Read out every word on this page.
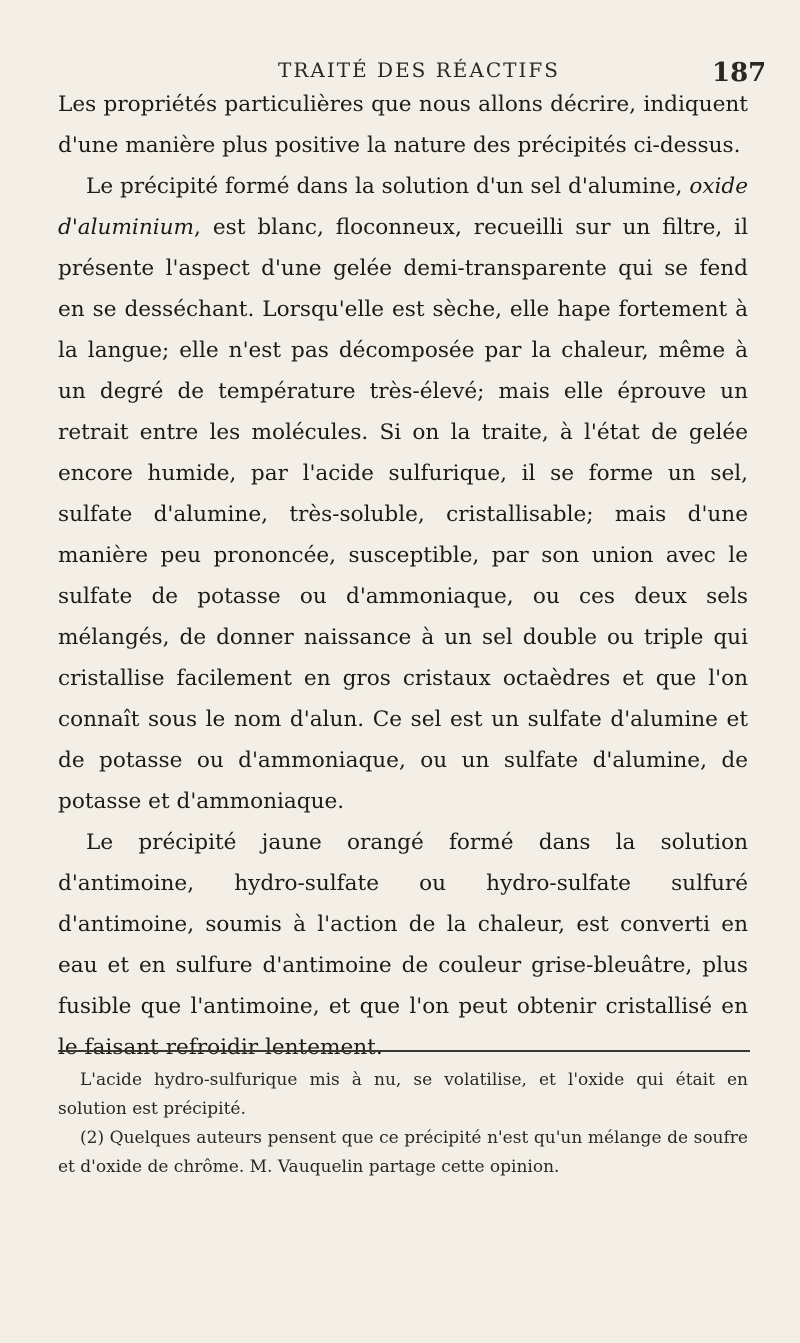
TRAITÉ DES RÉACTIFS	187

Les propriétés particulières que nous allons décrire, indiquent d'une manière plus positive la nature des précipités ci-dessus.

Le précipité formé dans la solution d'un sel d'alumine, oxide d'aluminium, est blanc, floconneux, recueilli sur un filtre, il présente l'aspect d'une gelée demi-transparente qui se fend en se desséchant. Lorsqu'elle est sèche, elle hape fortement à la langue; elle n'est pas décomposée par la chaleur, même à un degré de température très-élevé; mais elle éprouve un retrait entre les molécules. Si on la traite, à l'état de gelée encore humide, par l'acide sulfurique, il se forme un sel, sulfate d'alumine, très-soluble, cristallisable; mais d'une manière peu prononcée, susceptible, par son union avec le sulfate de potasse ou d'ammoniaque, ou ces deux sels mélangés, de donner naissance à un sel double ou triple qui cristallise facilement en gros cristaux octaèdres et que l'on connaît sous le nom d'alun. Ce sel est un sulfate d'alumine et de potasse ou d'ammoniaque, ou un sulfate d'alumine, de potasse et d'ammoniaque.

Le précipité jaune orangé formé dans la solution d'antimoine, hydro-sulfate ou hydro-sulfate sulfuré d'antimoine, soumis à l'action de la chaleur, est converti en eau et en sulfure d'antimoine de couleur grise-bleuâtre, plus fusible que l'antimoine, et que l'on peut obtenir cristallisé en le faisant refroidir lentement.

L'acide hydro-sulfurique mis à nu, se volatilise, et l'oxide qui était en solution est précipité.

(2) Quelques auteurs pensent que ce précipité n'est qu'un mélange de soufre et d'oxide de chrôme. M. Vauquelin partage cette opinion.
